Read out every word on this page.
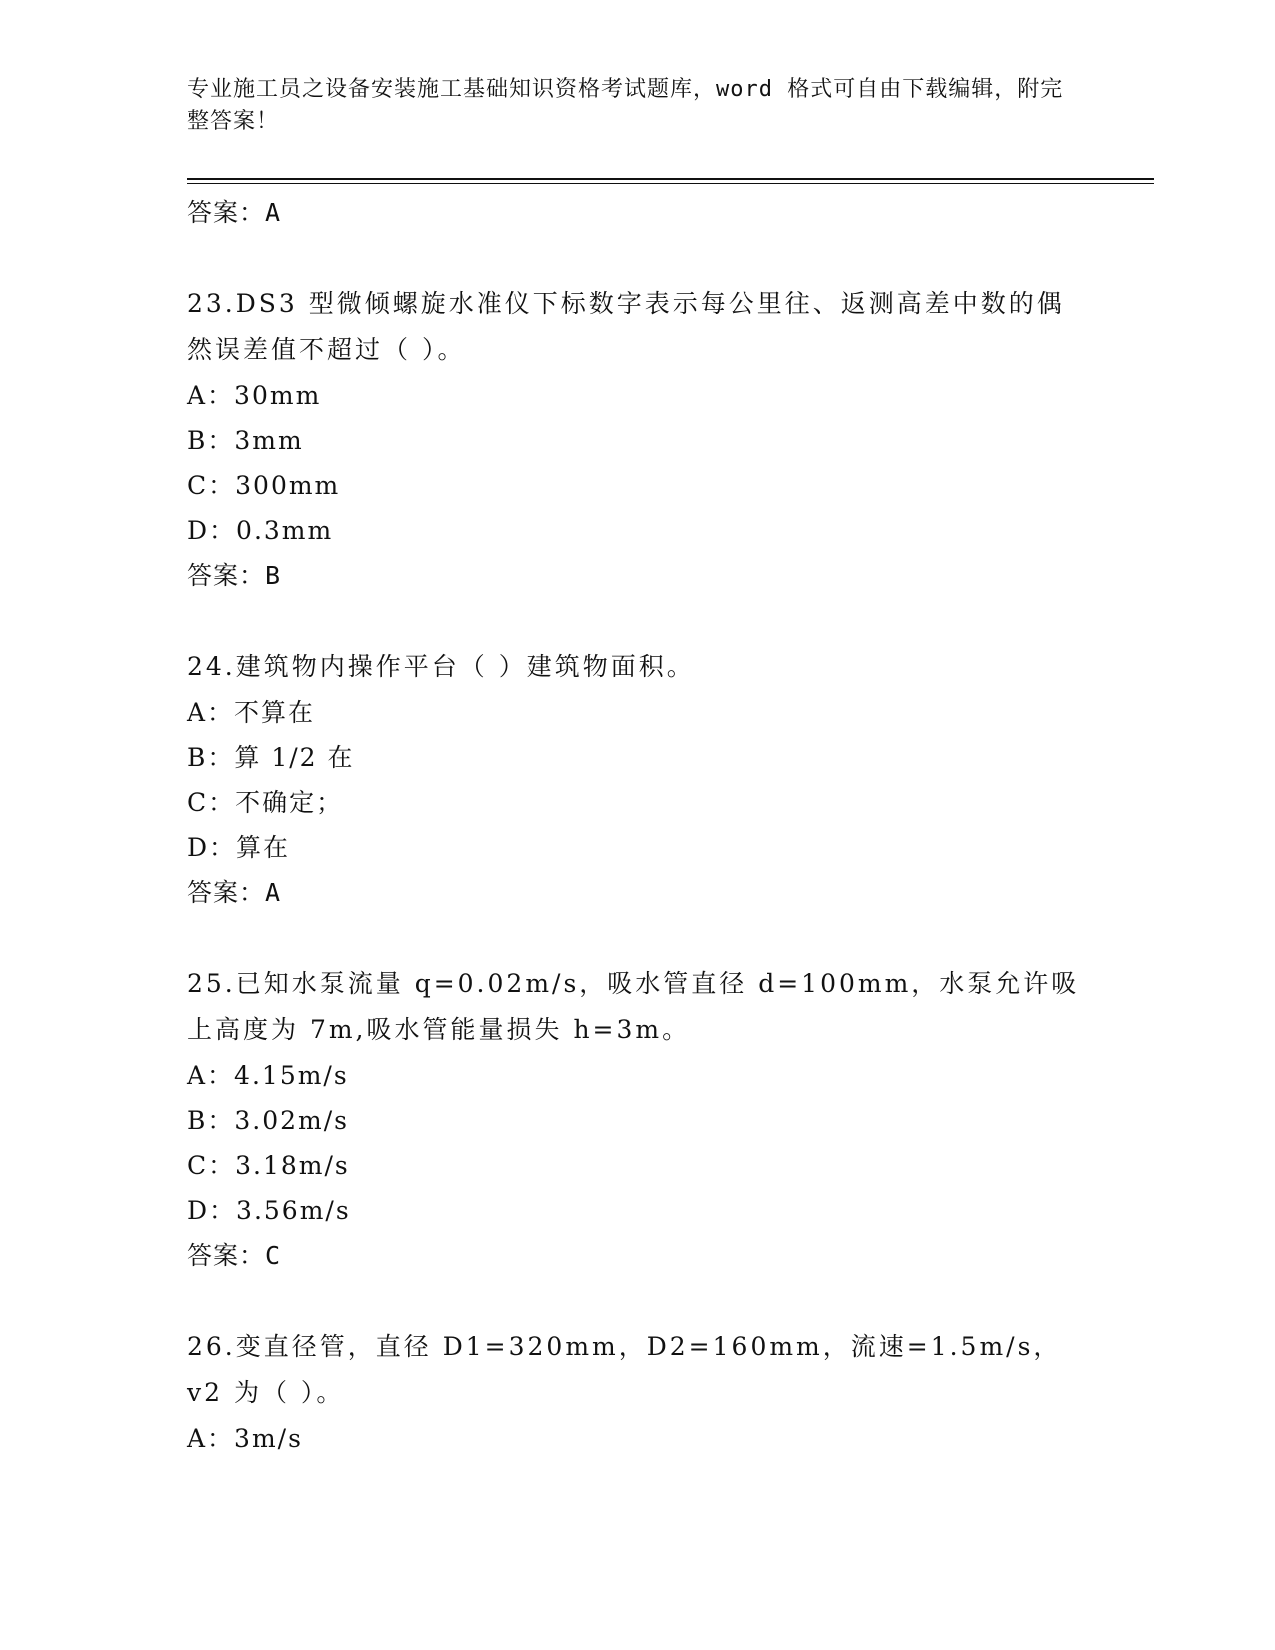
专业施工员之设备安装施工基础知识资格考试题库，word 格式可自由下载编辑，附完整答案！
答案：A
23.DS3 型微倾螺旋水准仪下标数字表示每公里往、返测高差中数的偶然误差值不超过（ ）。
A：30mm
B：3mm
C：300mm
D：0.3mm
答案：B
24.建筑物内操作平台（ ）建筑物面积。
A：不算在
B：算 1/2 在
C：不确定；
D：算在
答案：A
25.已知水泵流量 q=0.02m/s，吸水管直径 d=100mm，水泵允许吸上高度为 7m,吸水管能量损失 h=3m。
A：4.15m/s
B：3.02m/s
C：3.18m/s
D：3.56m/s
答案：C
26.变直径管，直径 D1=320mm，D2=160mm，流速=1.5m/s，v2 为（ ）。
A：3m/s
